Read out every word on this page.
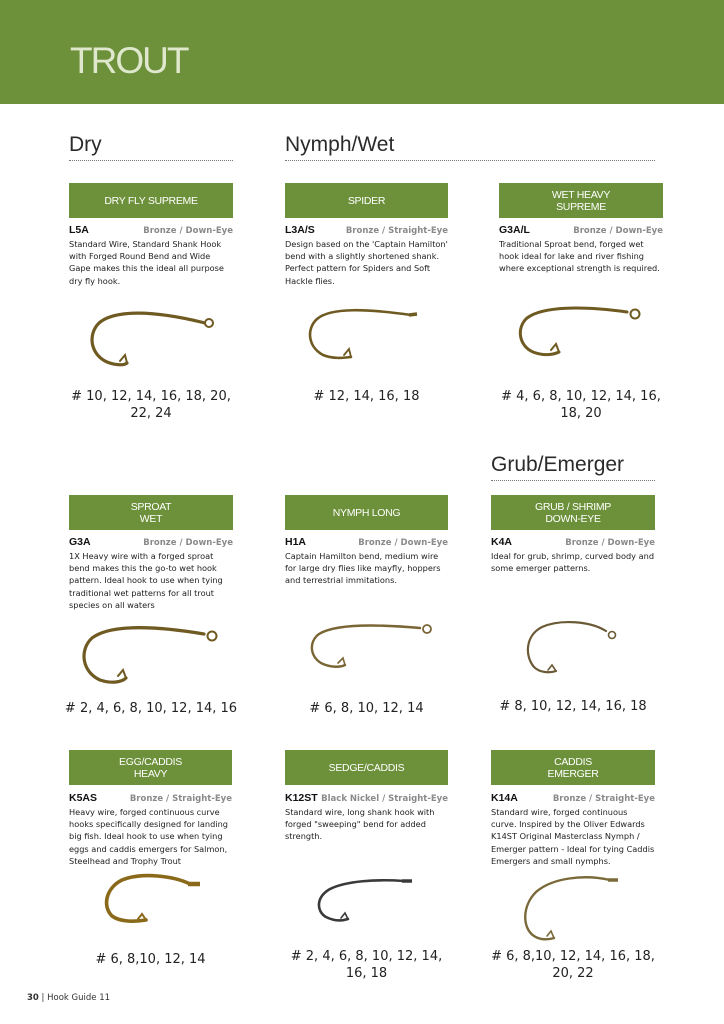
TROUT
Dry	Nymph/Wet
Grub/Emerger
DRY FLY SUPREME
L5A	Bronze / Down-Eye
Standard Wire, Standard Shank Hook with Forged Round Bend and Wide Gape makes this the ideal all purpose dry fly hook.
# 10, 12, 14, 16, 18, 20, 22, 24
SPIDER
L3A/S	Bronze / Straight-Eye
Design based on the 'Captain Hamilton' bend with a slightly shortened shank. Perfect pattern for Spiders and Soft Hackle flies.
# 12, 14, 16, 18
WET HEAVY
SUPREME
G3A/L	Bronze / Down-Eye
Traditional Sproat bend, forged wet hook ideal for lake and river fishing where exceptional strength is required.
# 4, 6, 8, 10, 12, 14, 16, 18, 20
SPROAT
WET
G3A	Bronze / Down-Eye
1X Heavy wire with a forged sproat bend makes this the go-to wet hook pattern. Ideal hook to use when tying traditional wet patterns for all trout species on all waters
# 2, 4, 6, 8, 10, 12, 14, 16
NYMPH LONG
H1A	Bronze / Down-Eye
Captain Hamilton bend, medium wire for large dry flies like mayfly, hoppers and terrestrial immitations.
# 6, 8, 10, 12, 14
GRUB / SHRIMP
DOWN-EYE
K4A	Bronze / Down-Eye
Ideal for grub, shrimp, curved body and some emerger patterns.
# 8, 10, 12, 14, 16, 18
EGG/CADDIS
HEAVY
K5AS	Bronze / Straight-Eye
Heavy wire, forged continuous curve hooks specifically designed for landing big fish. Ideal hook to use when tying eggs and caddis emergers for Salmon, Steelhead and Trophy Trout
# 6, 8,10, 12, 14
SEDGE/CADDIS
K12ST Black Nickel / Straight-Eye
Standard wire, long shank hook with forged "sweeping" bend for added strength.
# 2, 4, 6, 8, 10, 12, 14, 16, 18
CADDIS
EMERGER
K14A	Bronze / Straight-Eye
Standard wire, forged continuous curve. Inspired by the Oliver Edwards K14ST Original Masterclass Nymph / Emerger pattern - Ideal for tying Caddis Emergers and small nymphs.
# 6, 8,10, 12, 14, 16, 18, 20, 22
30 | Hook Guide 11
